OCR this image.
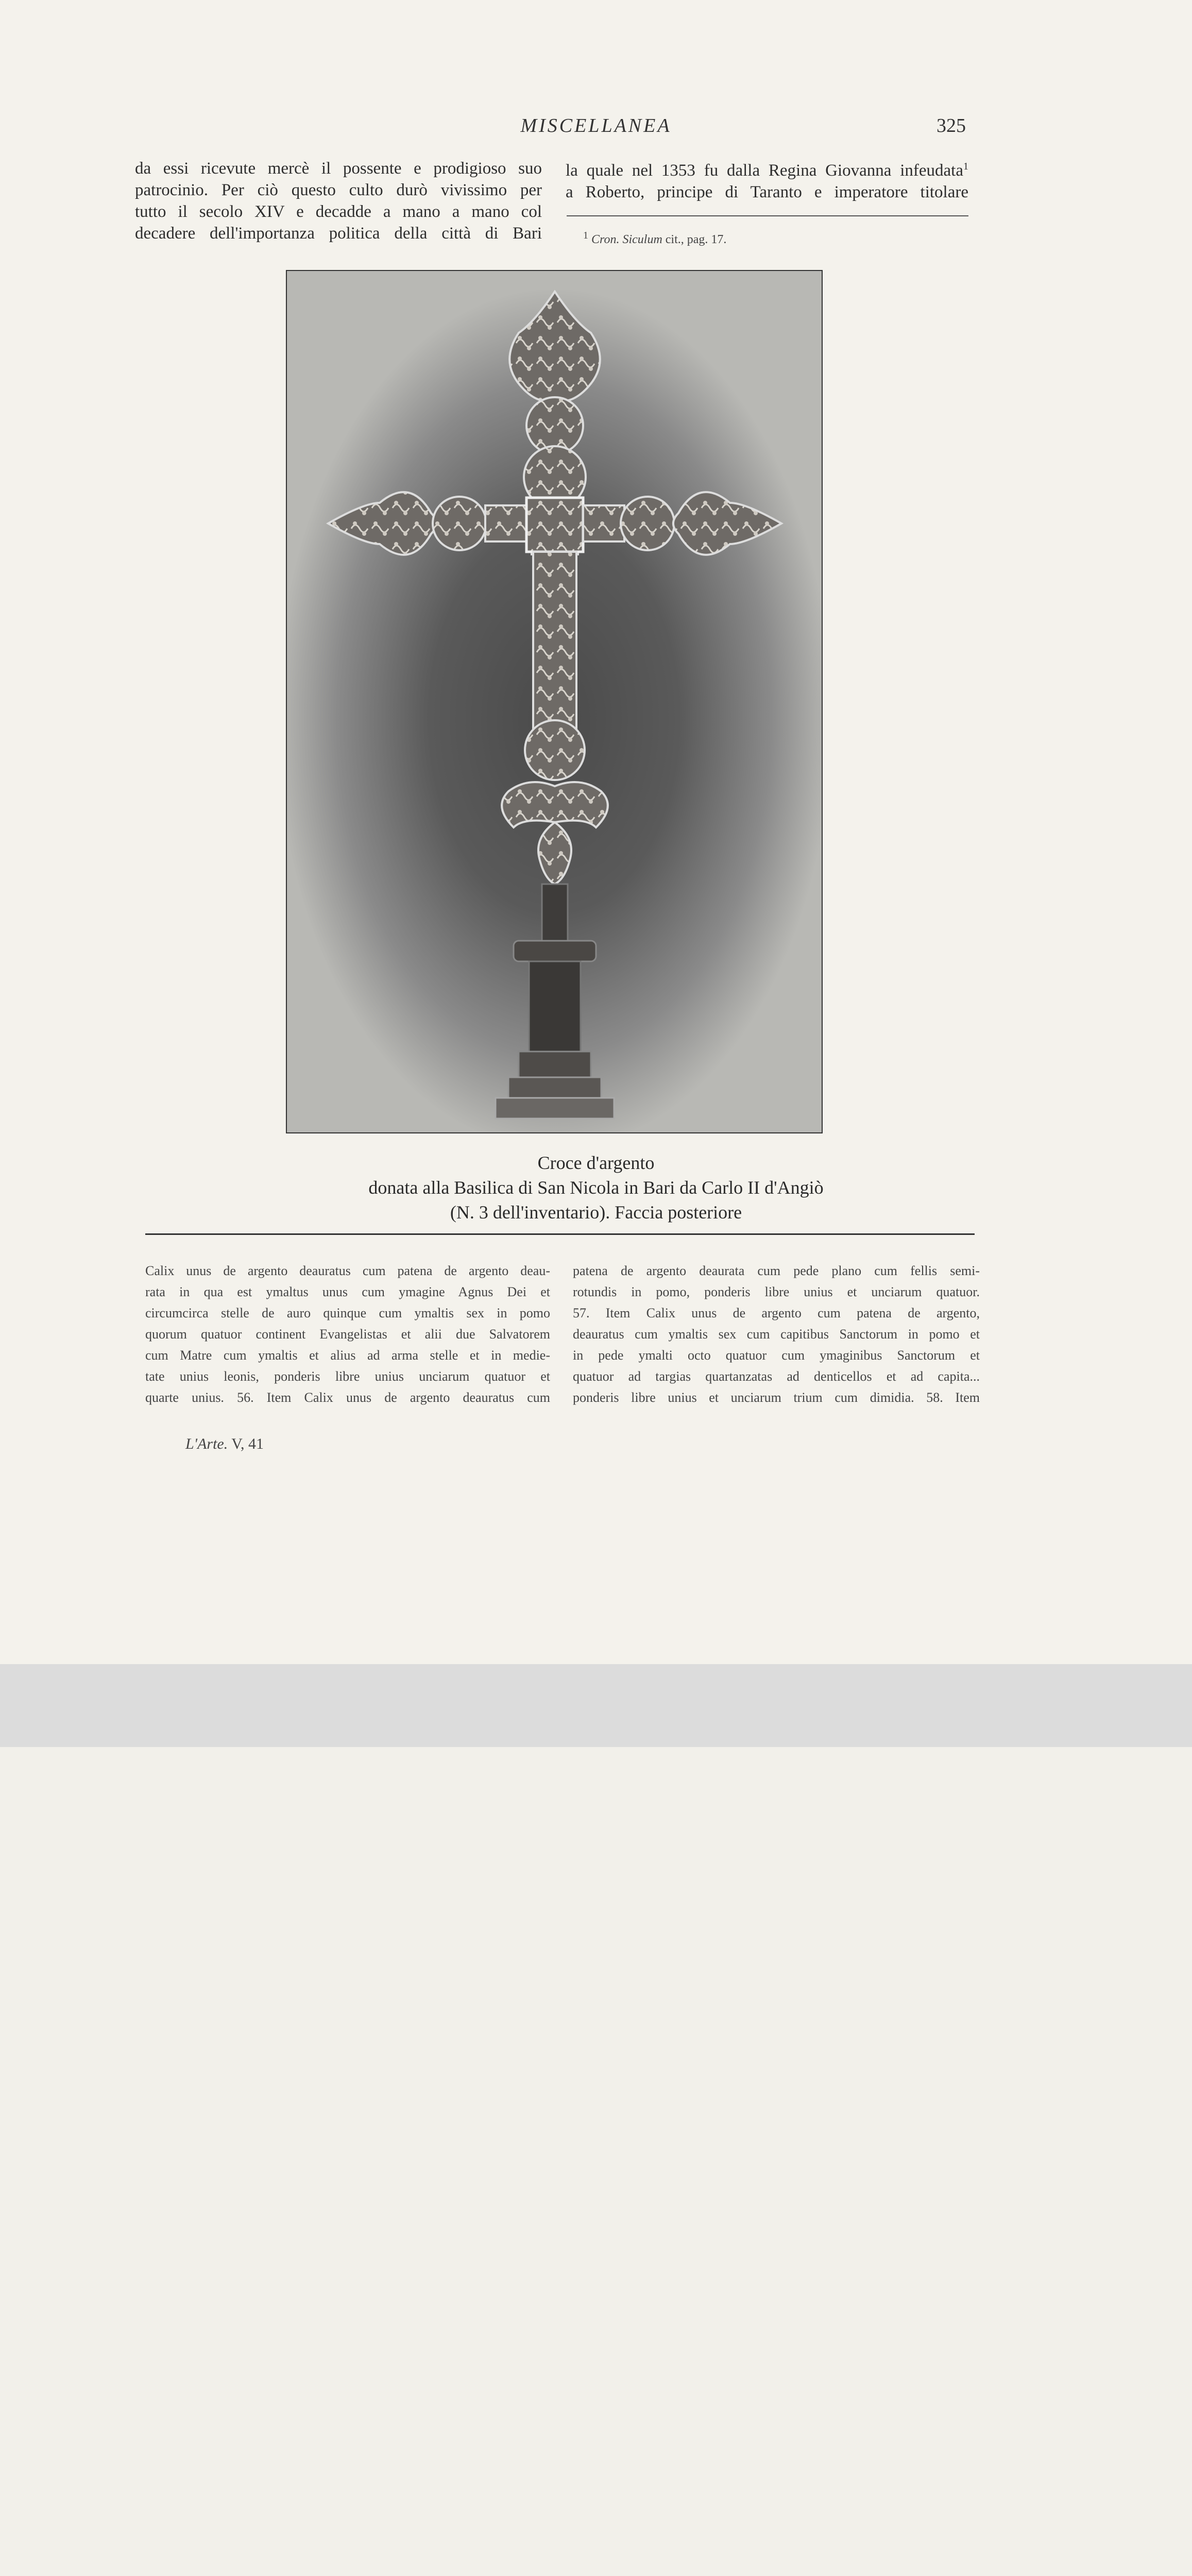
MISCELLANEA	325
da essi ricevute mercè il possente e prodigioso suo
patrocinio. Per ciò questo culto durò vivissimo per
tutto il secolo XIV e decadde a mano a mano col
decadere dell'importanza politica della città di Bari
la quale nel 1353 fu dalla Regina Giovanna infeudata$^1$
a Roberto, principe di Taranto e imperatore titolare
$^1$ Cron. Siculum cit., pag. 17.
Croce d'argento
donata alla Basilica di San Nicola in Bari da Carlo II d'Angiò
(N. 3 dell'inventario). Faccia posteriore
Calix unus de argento deauratus cum patena de argento deau-
rata in qua est ymaltus unus cum ymagine Agnus Dei et
circumcirca stelle de auro quinque cum ymaltis sex in pomo
quorum quatuor continent Evangelistas et alii due Salvatorem
cum Matre cum ymaltis et alius ad arma stelle et in medie-
tate unius leonis, ponderis libre unius unciarum quatuor et
quarte unius. 56. Item Calix unus de argento deauratus cum
patena de argento deaurata cum pede plano cum fellis semi-
rotundis in pomo, ponderis libre unius et unciarum quatuor.
57. Item Calix unus de argento cum patena de argento,
deauratus cum ymaltis sex cum capitibus Sanctorum in pomo et
in pede ymalti octo quatuor cum ymaginibus Sanctorum et
quatuor ad targias quartanzatas ad denticellos et ad capita...
ponderis libre unius et unciarum trium cum dimidia. 58. Item
L'Arte. V, 41
